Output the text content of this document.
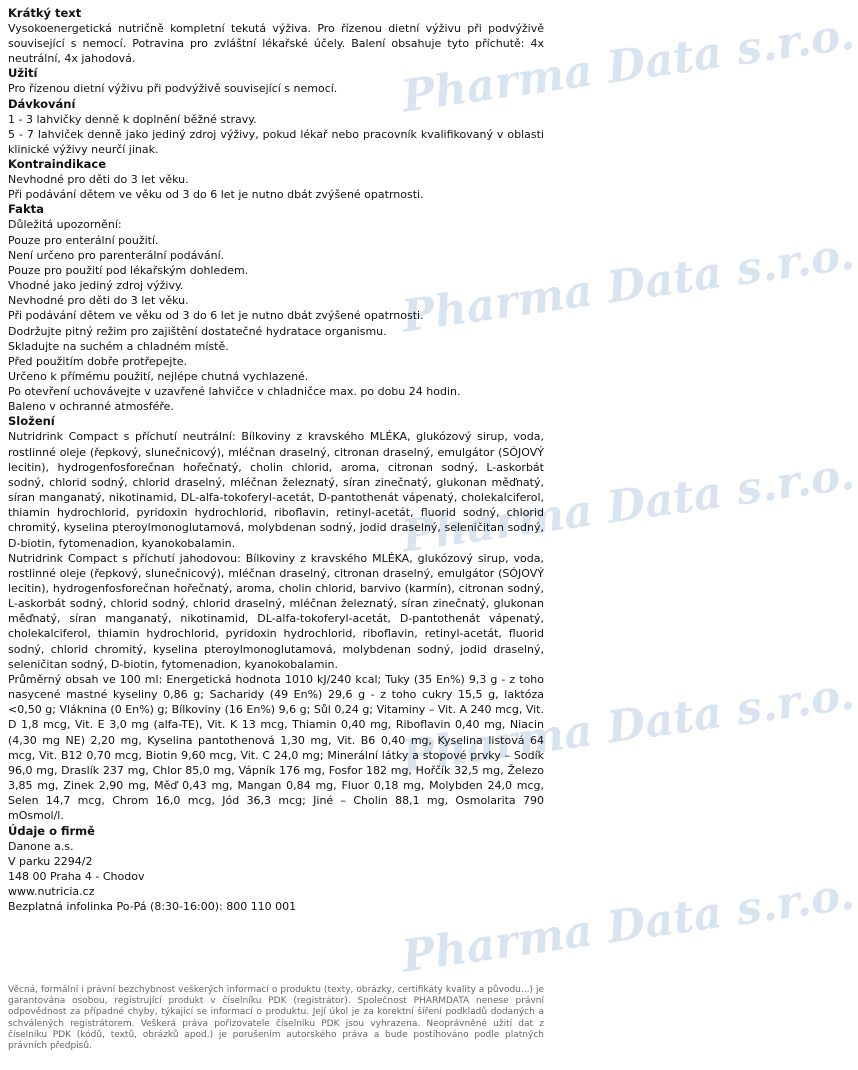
Pharma Data s.r.o.
Pharma Data s.r.o.
Pharma Data s.r.o.
Pharma Data s.r.o.
Pharma Data s.r.o.
Krátký text
Vysokoenergetická nutričně kompletní tekutá výživa. Pro řízenou dietní výživu při podvýživě související s nemocí. Potravina pro zvláštní lékařské účely. Balení obsahuje tyto příchutě: 4x neutrální, 4x jahodová.
Užití
Pro řízenou dietní výživu při podvýživě související s nemocí.
Dávkování
1 - 3 lahvičky denně k doplnění běžné stravy.
5 - 7 lahviček denně jako jediný zdroj výživy, pokud lékař nebo pracovník kvalifikovaný v oblasti klinické výživy neurčí jinak.
Kontraindikace
Nevhodné pro děti do 3 let věku.
Při podávání dětem ve věku od 3 do 6 let je nutno dbát zvýšené opatrnosti.
Fakta
Důležitá upozornění:
Pouze pro enterální použití.
Není určeno pro parenterální podávání.
Pouze pro použití pod lékařským dohledem.
Vhodné jako jediný zdroj výživy.
Nevhodné pro děti do 3 let věku.
Při podávání dětem ve věku od 3 do 6 let je nutno dbát zvýšené opatrnosti.
Dodržujte pitný režim pro zajištění dostatečné hydratace organismu.
Skladujte na suchém a chladném místě.
Před použitím dobře protřepejte.
Určeno k přímému použití, nejlépe chutná vychlazené.
Po otevření uchovávejte v uzavřené lahvičce v chladničce max. po dobu 24 hodin.
Baleno v ochranné atmosféře.
Složení
Nutridrink Compact s příchutí neutrální: Bílkoviny z kravského MLÉKA, glukózový sirup, voda, rostlinné oleje (řepkový, slunečnicový), mléčnan draselný, citronan draselný, emulgátor (SÓJOVÝ lecitin), hydrogenfosforečnan hořečnatý, cholin chlorid, aroma, citronan sodný, L-askorbát sodný, chlorid sodný, chlorid draselný, mléčnan železnatý, síran zinečnatý, glukonan měďnatý, síran manganatý, nikotinamid, DL-alfa-tokoferyl-acetát, D-pantothenát vápenatý, cholekalciferol, thiamin hydrochlorid, pyridoxin hydrochlorid, riboflavin, retinyl-acetát, fluorid sodný, chlorid chromitý, kyselina pteroylmonoglutamová, molybdenan sodný, jodid draselný, seleničitan sodný, D-biotin, fytomenadion, kyanokobalamin.
Nutridrink Compact s příchutí jahodovou: Bílkoviny z kravského MLÉKA, glukózový sirup, voda, rostlinné oleje (řepkový, slunečnicový), mléčnan draselný, citronan draselný, emulgátor (SÓJOVÝ lecitin), hydrogenfosforečnan hořečnatý, aroma, cholin chlorid, barvivo (karmín), citronan sodný, L-askorbát sodný, chlorid sodný, chlorid draselný, mléčnan železnatý, síran zinečnatý, glukonan měďnatý, síran manganatý, nikotinamid, DL-alfa-tokoferyl-acetát, D-pantothenát vápenatý, cholekalciferol, thiamin hydrochlorid, pyridoxin hydrochlorid, riboflavin, retinyl-acetát, fluorid sodný, chlorid chromitý, kyselina pteroylmonoglutamová, molybdenan sodný, jodid draselný, seleničitan sodný, D-biotin, fytomenadion, kyanokobalamin.
Průměrný obsah ve 100 ml: Energetická hodnota 1010 kJ/240 kcal; Tuky (35 En%) 9,3 g - z toho nasycené mastné kyseliny 0,86 g; Sacharidy (49 En%) 29,6 g - z toho cukry 15,5 g, laktóza <0,50 g; Vláknina (0 En%) g; Bílkoviny (16 En%) 9,6 g; Sůl 0,24 g; Vitaminy – Vit. A 240 mcg, Vit. D 1,8 mcg, Vit. E 3,0 mg (alfa-TE), Vit. K 13 mcg, Thiamin 0,40 mg, Riboflavin 0,40 mg, Niacin (4,30 mg NE) 2,20 mg, Kyselina pantothenová 1,30 mg, Vit. B6 0,40 mg, Kyselina listová 64 mcg, Vit. B12 0,70 mcg, Biotin 9,60 mcg, Vit. C 24,0 mg; Minerální látky a stopové prvky – Sodík 96,0 mg, Draslík 237 mg, Chlor 85,0 mg, Vápník 176 mg, Fosfor 182 mg, Hořčík 32,5 mg, Železo 3,85 mg, Zinek 2,90 mg, Měď 0,43 mg, Mangan 0,84 mg, Fluor 0,18 mg, Molybden 24,0 mcg, Selen 14,7 mcg, Chrom 16,0 mcg, Jód 36,3 mcg; Jiné – Cholin 88,1 mg, Osmolarita 790 mOsmol/l.
Údaje o firmě
Danone a.s.
V parku 2294/2
148 00 Praha 4 - Chodov
www.nutricia.cz
Bezplatná infolinka Po-Pá (8:30-16:00): 800 110 001
Věcná, formální i právní bezchybnost veškerých informací o produktu (texty, obrázky, certifikáty kvality a původu...) je garantována osobou, registrující produkt v číselníku PDK (registrátor). Společnost PHARMDATA nenese právní odpovědnost za případné chyby, týkající se informací o produktu. Její úkol je za korektní šíření podkladů dodaných a schválených registrátorem. Veškerá práva pořizovatele číselníku PDK jsou vyhrazena. Neoprávněné užití dat z číselníku PDK (kódů, textů, obrázků apod.) je porušením autorského práva a bude postihováno podle platných právních předpisů.
